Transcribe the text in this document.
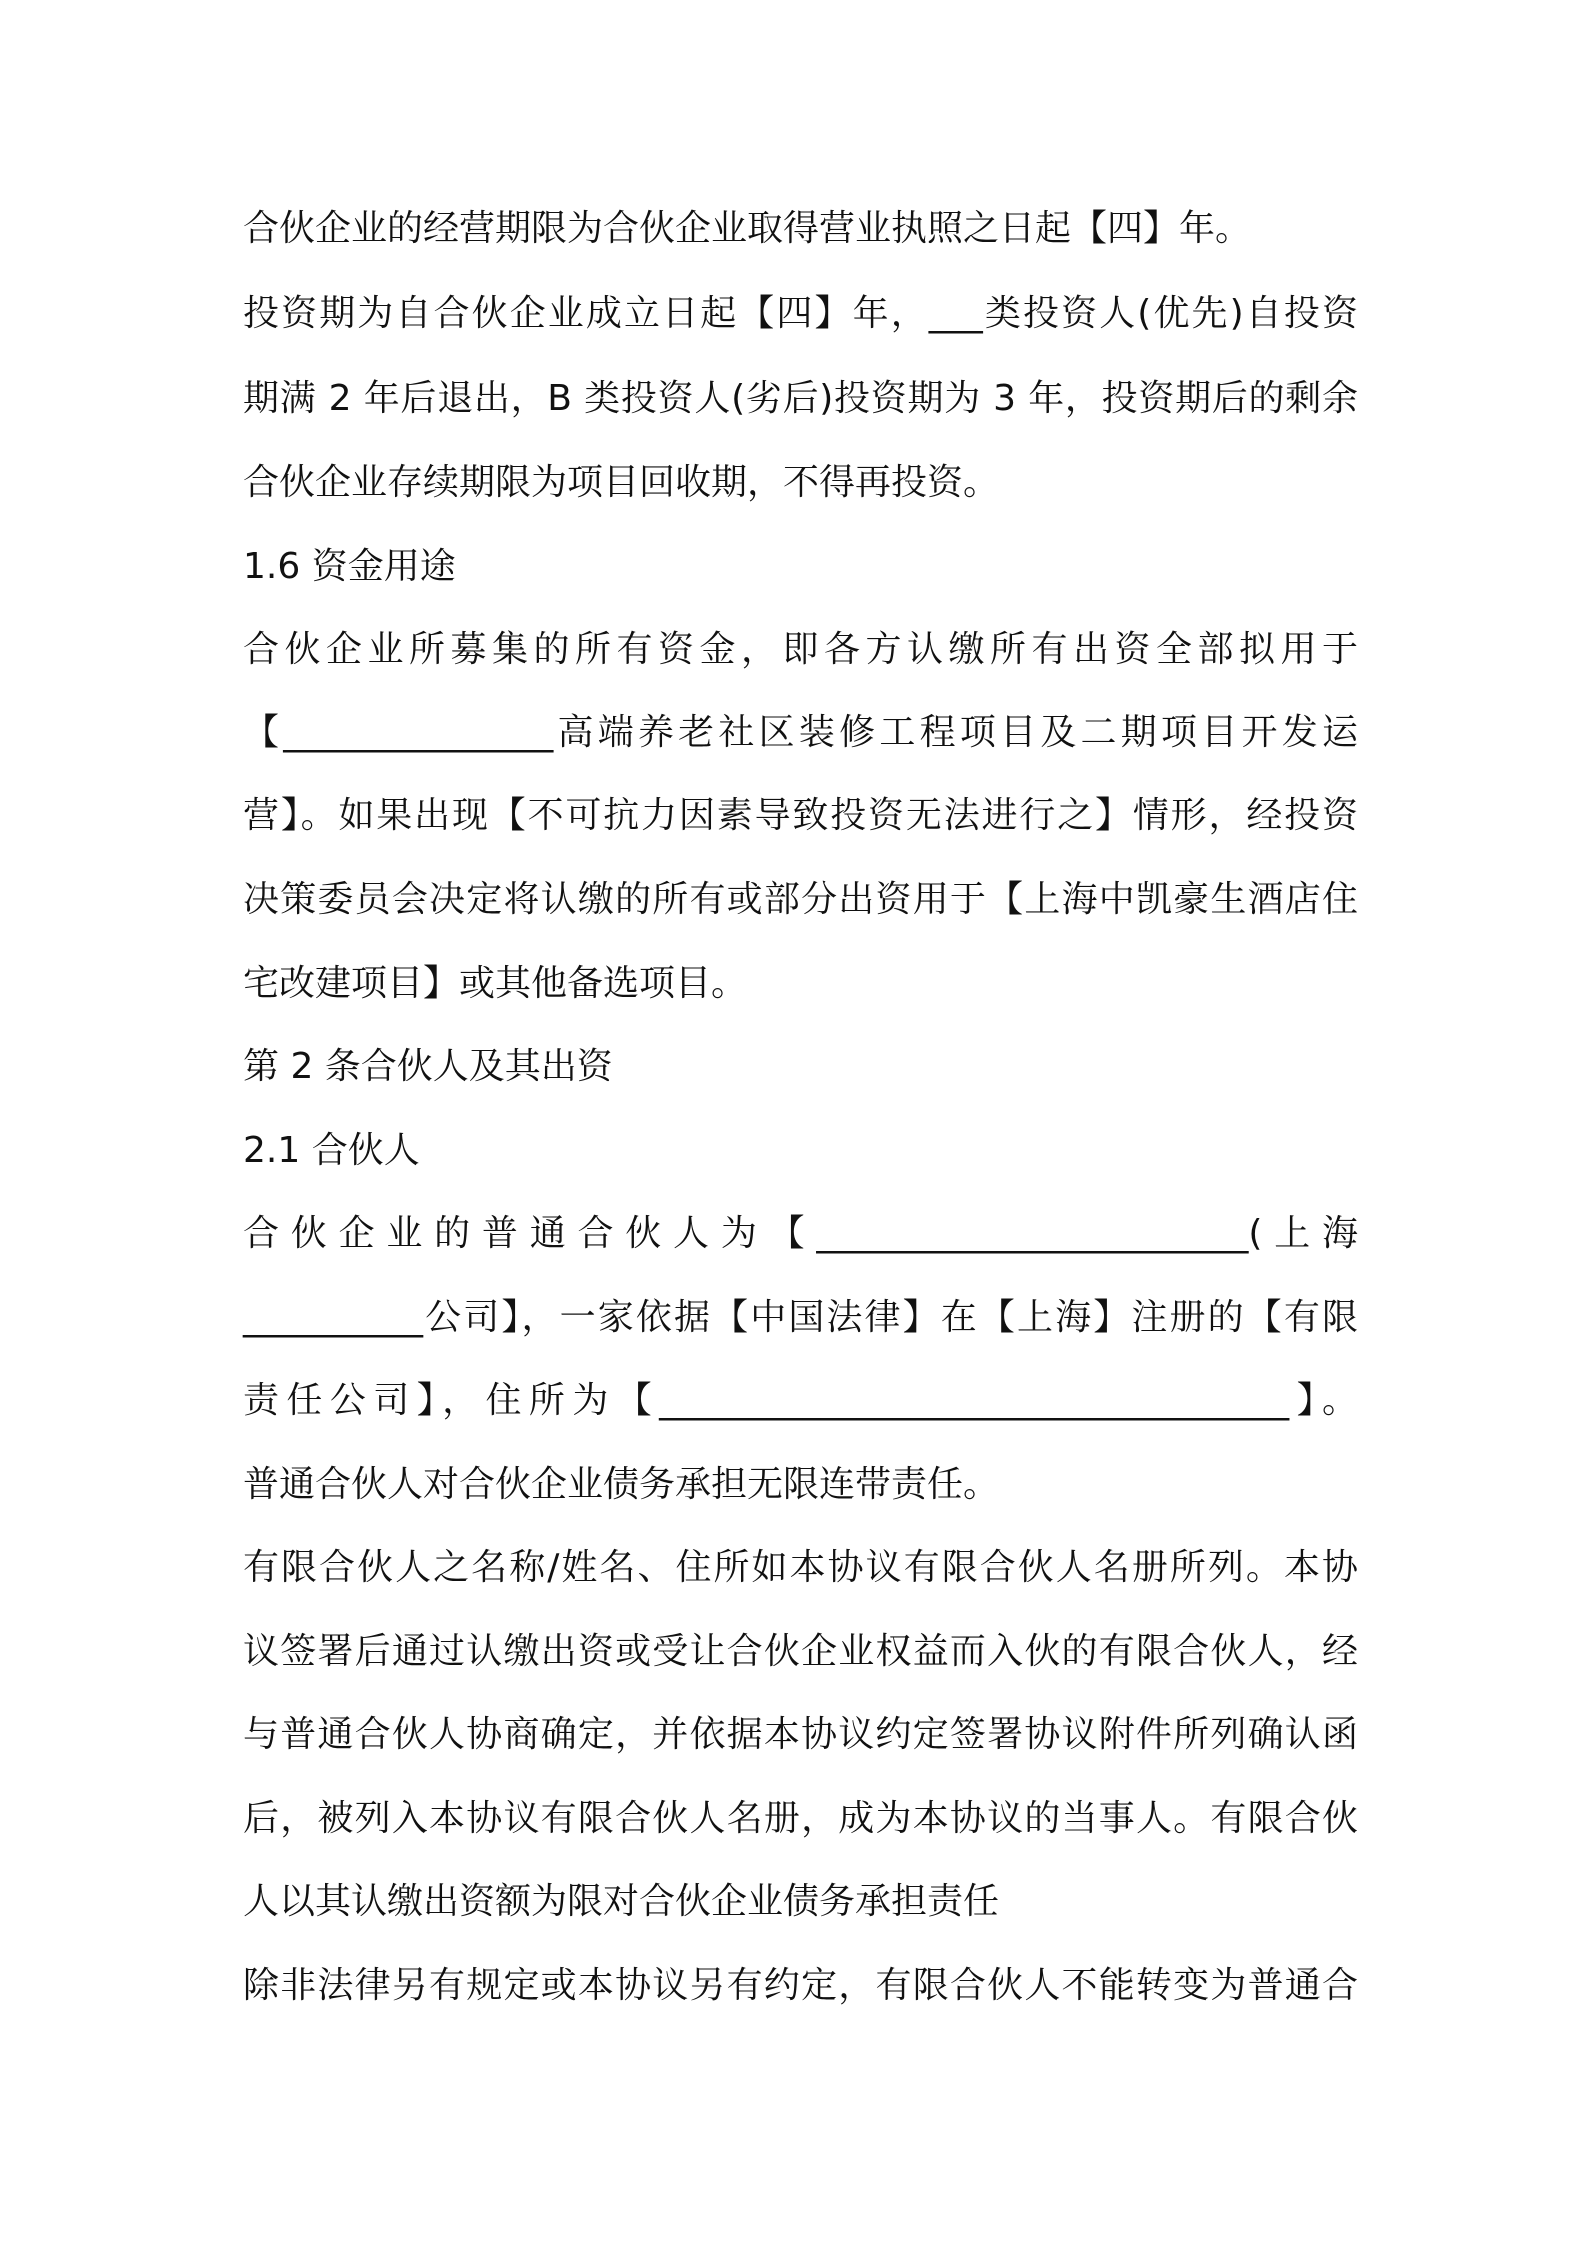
合伙企业的经营期限为合伙企业取得营业执照之日起【四】年。
投资期为自合伙企业成立日起【四】年，___类投资人(优先)自投资
期满 2 年后退出，B 类投资人(劣后)投资期为 3 年，投资期后的剩余
合伙企业存续期限为项目回收期，不得再投资。
1.6 资金用途
合伙企业所募集的所有资金，即各方认缴所有出资全部拟用于
【_______________高端养老社区装修工程项目及二期项目开发运
营】。如果出现【不可抗力因素导致投资无法进行之】情形，经投资
决策委员会决定将认缴的所有或部分出资用于【上海中凯豪生酒店住
宅改建项目】或其他备选项目。
第 2 条合伙人及其出资
2.1 合伙人
合伙企业的普通合伙人为【________________________(上海
__________公司】，一家依据【中国法律】在【上海】注册的【有限
责任公司】，住所为【___________________________________】。
普通合伙人对合伙企业债务承担无限连带责任。
有限合伙人之名称/姓名、住所如本协议有限合伙人名册所列。本协
议签署后通过认缴出资或受让合伙企业权益而入伙的有限合伙人，经
与普通合伙人协商确定，并依据本协议约定签署协议附件所列确认函
后，被列入本协议有限合伙人名册，成为本协议的当事人。有限合伙
人以其认缴出资额为限对合伙企业债务承担责任
除非法律另有规定或本协议另有约定，有限合伙人不能转变为普通合
